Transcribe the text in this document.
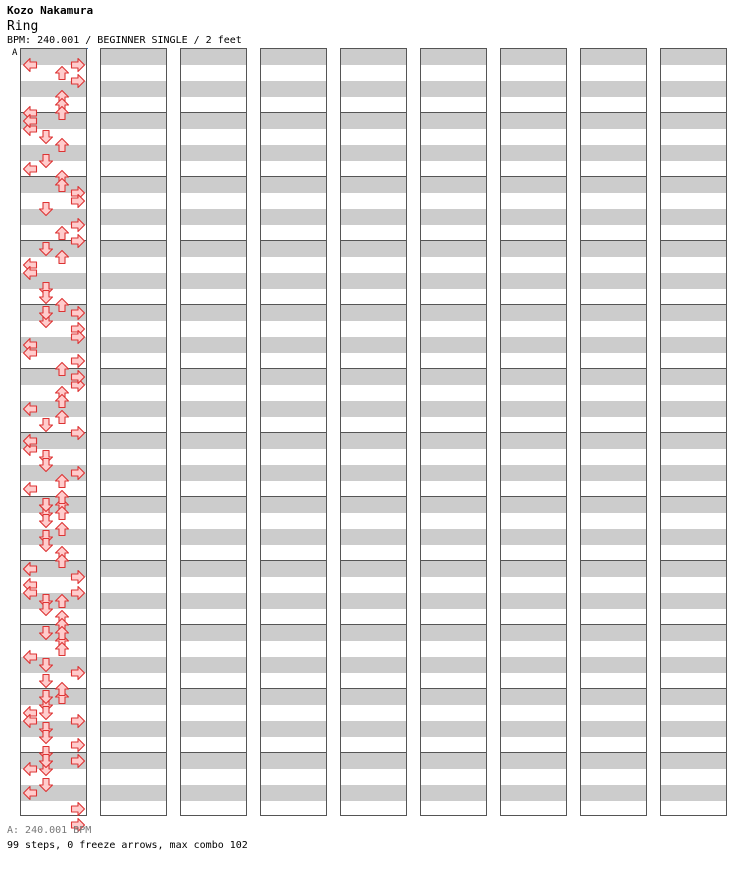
Kozo Nakamura
Ring
BPM: 240.001 / BEGINNER SINGLE / 2 feet
A
A: 240.001 BPM
99 steps, 0 freeze arrows, max combo 102
